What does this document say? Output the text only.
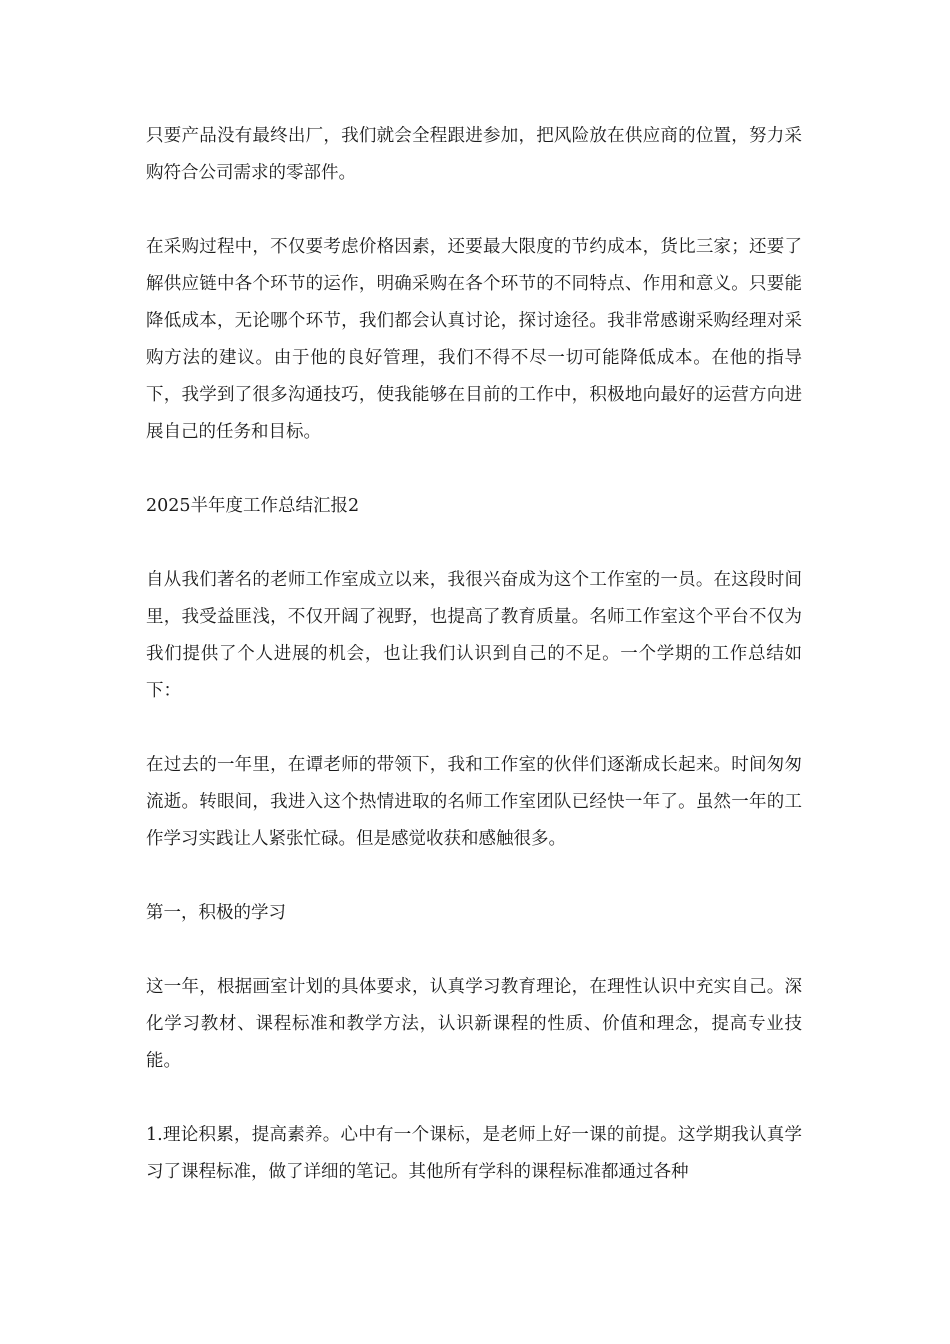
只要产品没有最终出厂，我们就会全程跟进参加，把风险放在供应商的位置，努力采购符合公司需求的零部件。

在采购过程中，不仅要考虑价格因素，还要最大限度的节约成本，货比三家；还要了解供应链中各个环节的运作，明确采购在各个环节的不同特点、作用和意义。只要能降低成本，无论哪个环节，我们都会认真讨论，探讨途径。我非常感谢采购经理对采购方法的建议。由于他的良好管理，我们不得不尽一切可能降低成本。在他的指导下，我学到了很多沟通技巧，使我能够在目前的工作中，积极地向最好的运营方向进展自己的任务和目标。

2025半年度工作总结汇报2

自从我们著名的老师工作室成立以来，我很兴奋成为这个工作室的一员。在这段时间里，我受益匪浅，不仅开阔了视野，也提高了教育质量。名师工作室这个平台不仅为我们提供了个人进展的机会，也让我们认识到自己的不足。一个学期的工作总结如下：

在过去的一年里，在谭老师的带领下，我和工作室的伙伴们逐渐成长起来。时间匆匆流逝。转眼间，我进入这个热情进取的名师工作室团队已经快一年了。虽然一年的工作学习实践让人紧张忙碌。但是感觉收获和感触很多。

第一，积极的学习

这一年，根据画室计划的具体要求，认真学习教育理论，在理性认识中充实自己。深化学习教材、课程标准和教学方法，认识新课程的性质、价值和理念，提高专业技能。

1.理论积累，提高素养。心中有一个课标，是老师上好一课的前提。这学期我认真学习了课程标准，做了详细的笔记。其他所有学科的课程标准都通过各种
